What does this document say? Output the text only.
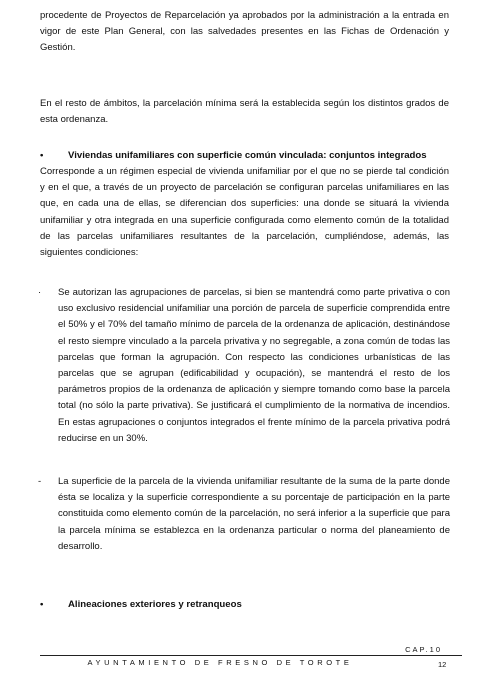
procedente de Proyectos de Reparcelación ya aprobados por la administración a la entrada en vigor de este Plan General, con las salvedades presentes en las Fichas de Ordenación y Gestión.

En el resto de ámbitos, la parcelación mínima será la establecida según los distintos grados de esta ordenanza.

•	Viviendas unifamiliares con superficie común vinculada: conjuntos integrados

Corresponde a un régimen especial de vivienda unifamiliar por el que no se pierde tal condición y en el que, a través de un proyecto de parcelación se configuran parcelas unifamiliares en las que, en cada una de ellas, se diferencian dos superficies: una donde se situará la vivienda unifamiliar y otra integrada en una superficie configurada como elemento común de la totalidad de las parcelas unifamiliares resultantes de la parcelación, cumpliéndose, además, las siguientes condiciones:

· Se autorizan las agrupaciones de parcelas, si bien se mantendrá como parte privativa o con uso exclusivo residencial unifamiliar una porción de parcela de superficie comprendida entre el 50% y el 70% del tamaño mínimo de parcela de la ordenanza de aplicación, destinándose el resto siempre vinculado a la parcela privativa y no segregable, a zona común de todas las parcelas que forman la agrupación. Con respecto las condiciones urbanísticas de las parcelas que se agrupan (edificabilidad y ocupación), se mantendrá el resto de los parámetros propios de la ordenanza de aplicación y siempre tomando como base la parcela total (no sólo la parte privativa). Se justificará el cumplimiento de la normativa de incendios. En estas agrupaciones o conjuntos integrados el frente mínimo de la parcela privativa podrá reducirse en un 30%.

- La superficie de la parcela de la vivienda unifamiliar resultante de la suma de la parte donde ésta se localiza y la superficie correspondiente a su porcentaje de participación en la parte constituida como elemento común de la parcelación, no será inferior a la superficie que para la parcela mínima se establezca en la ordenanza particular o norma del planeamiento de desarrollo.

•	Alineaciones exteriores y retranqueos
CAP.10
AYUNTAMIENTO DE FRESNO DE TOROTE	12
